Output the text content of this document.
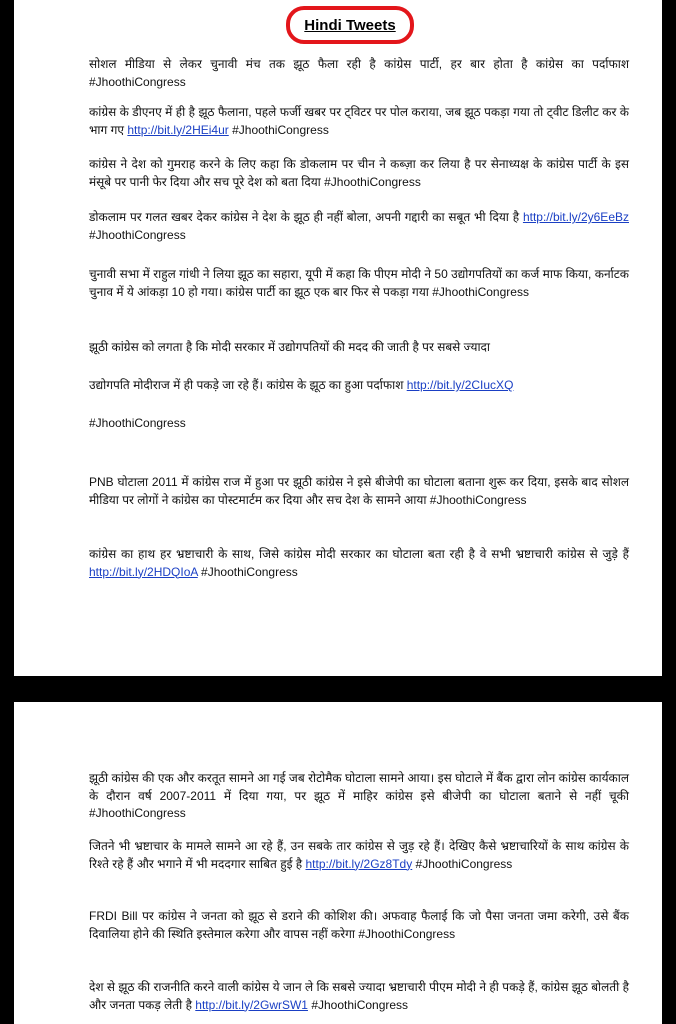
Hindi Tweets

सोशल मीडिया से लेकर चुनावी मंच तक झूठ फैला रही है कांग्रेस पार्टी, हर बार होता है कांग्रेस का पर्दाफाश #JhoothiCongress

कांग्रेस के डीएनए में ही है झूठ फैलाना, पहले फर्जी खबर पर ट्विटर पर पोल कराया, जब झूठ पकड़ा गया तो ट्वीट डिलीट कर के भाग गए http://bit.ly/2HEi4ur #JhoothiCongress

कांग्रेस ने देश को गुमराह करने के लिए कहा कि डोकलाम पर चीन ने कब्ज़ा कर लिया है पर सेनाध्यक्ष के कांग्रेस पार्टी के इस मंसूबे पर पानी फेर दिया और सच पूरे देश को बता दिया #JhoothiCongress

डोकलाम पर गलत खबर देकर कांग्रेस ने देश के झूठ ही नहीं बोला, अपनी गद्दारी का सबूत भी दिया है http://bit.ly/2y6EeBz #JhoothiCongress

चुनावी सभा में राहुल गांधी ने लिया झूठ का सहारा, यूपी में कहा कि पीएम मोदी ने 50 उद्योगपतियों का कर्ज माफ किया, कर्नाटक चुनाव में ये आंकड़ा 10 हो गया। कांग्रेस पार्टी का झूठ एक बार फिर से पकड़ा गया #JhoothiCongress

झूठी कांग्रेस को लगता है कि मोदी सरकार में उद्योगपतियों की मदद की जाती है पर सबसे ज्यादा

उद्योगपति मोदीराज में ही पकड़े जा रहे हैं। कांग्रेस के झूठ का हुआ पर्दाफाश http://bit.ly/2CIucXQ

#JhoothiCongress

PNB घोटाला 2011 में कांग्रेस राज में हुआ पर झूठी कांग्रेस ने इसे बीजेपी का घोटाला बताना शुरू कर दिया, इसके बाद सोशल मीडिया पर लोगों ने कांग्रेस का पोस्टमार्टम कर दिया और सच देश के सामने आया #JhoothiCongress

कांग्रेस का हाथ हर भ्रष्टाचारी के साथ, जिसे कांग्रेस मोदी सरकार का घोटाला बता रही है वे सभी भ्रष्टाचारी कांग्रेस से जुड़े हैं http://bit.ly/2HDQIoA #JhoothiCongress

झूठी कांग्रेस की एक और करतूत सामने आ गई जब रोटोमैक घोटाला सामने आया। इस घोटाले में बैंक द्वारा लोन कांग्रेस कार्यकाल के दौरान वर्ष 2007-2011 में दिया गया, पर झूठ में माहिर कांग्रेस इसे बीजेपी का घोटाला बताने से नहीं चूकी #JhoothiCongress

जितने भी भ्रष्टाचार के मामले सामने आ रहे हैं, उन सबके तार कांग्रेस से जुड़ रहे हैं। देखिए कैसे भ्रष्टाचारियों के साथ कांग्रेस के रिश्ते रहे हैं और भगाने में भी मददगार साबित हुई है http://bit.ly/2Gz8Tdy #JhoothiCongress

FRDI Bill पर कांग्रेस ने जनता को झूठ से डराने की कोशिश की। अफवाह फैलाई कि जो पैसा जनता जमा करेगी, उसे बैंक दिवालिया होने की स्थिति इस्तेमाल करेगा और वापस नहीं करेगा #JhoothiCongress

देश से झूठ की राजनीति करने वाली कांग्रेस ये जान ले कि सबसे ज्यादा भ्रष्टाचारी पीएम मोदी ने ही पकड़े हैं, कांग्रेस झूठ बोलती है और जनता पकड़ लेती है http://bit.ly/2GwrSW1 #JhoothiCongress
